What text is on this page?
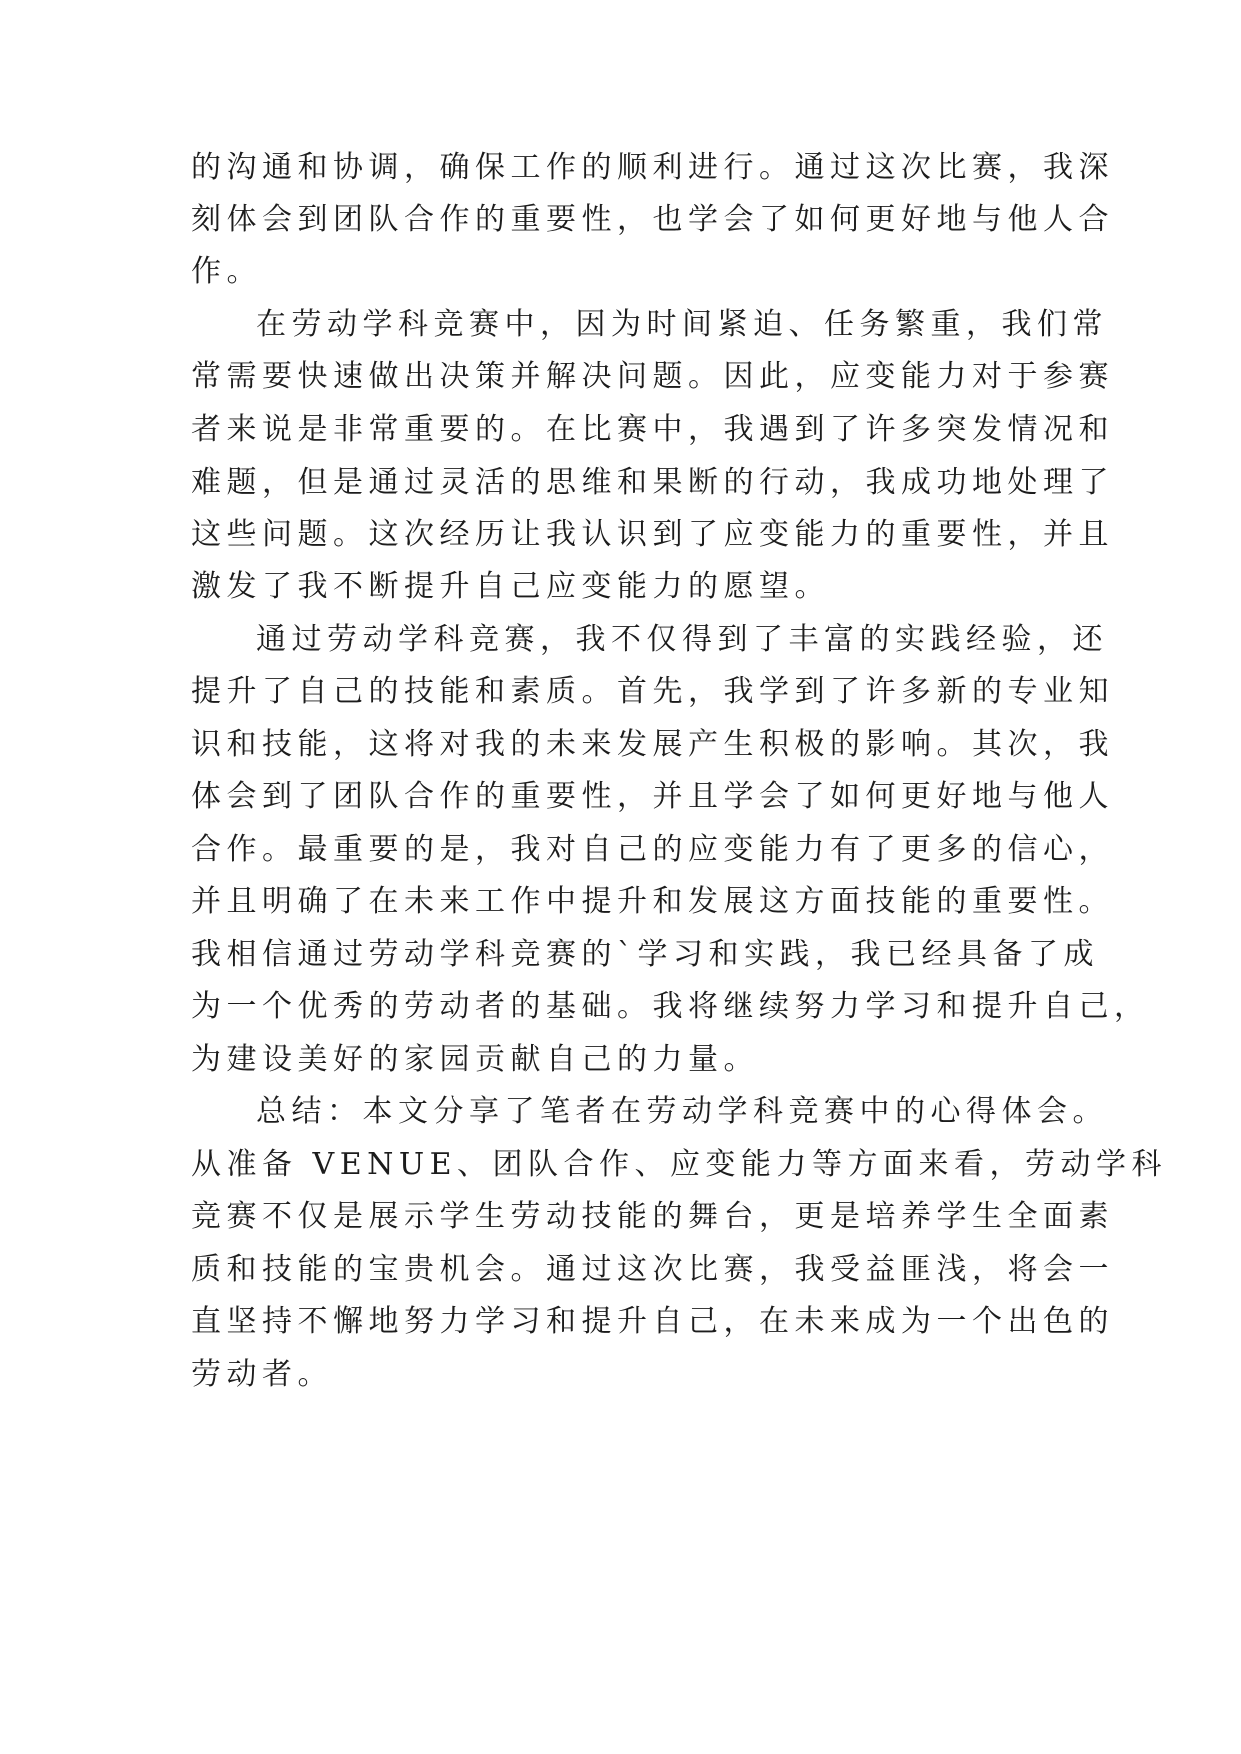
的沟通和协调，确保工作的顺利进行。通过这次比赛，我深
刻体会到团队合作的重要性，也学会了如何更好地与他人合
作。
在劳动学科竞赛中，因为时间紧迫、任务繁重，我们常
常需要快速做出决策并解决问题。因此，应变能力对于参赛
者来说是非常重要的。在比赛中，我遇到了许多突发情况和
难题，但是通过灵活的思维和果断的行动，我成功地处理了
这些问题。这次经历让我认识到了应变能力的重要性，并且
激发了我不断提升自己应变能力的愿望。
通过劳动学科竞赛，我不仅得到了丰富的实践经验，还
提升了自己的技能和素质。首先，我学到了许多新的专业知
识和技能，这将对我的未来发展产生积极的影响。其次，我
体会到了团队合作的重要性，并且学会了如何更好地与他人
合作。最重要的是，我对自己的应变能力有了更多的信心，
并且明确了在未来工作中提升和发展这方面技能的重要性。
我相信通过劳动学科竞赛的`学习和实践，我已经具备了成
为一个优秀的劳动者的基础。我将继续努力学习和提升自己，
为建设美好的家园贡献自己的力量。
总结：本文分享了笔者在劳动学科竞赛中的心得体会。
从准备 VENUE、团队合作、应变能力等方面来看，劳动学科
竞赛不仅是展示学生劳动技能的舞台，更是培养学生全面素
质和技能的宝贵机会。通过这次比赛，我受益匪浅，将会一
直坚持不懈地努力学习和提升自己，在未来成为一个出色的
劳动者。
